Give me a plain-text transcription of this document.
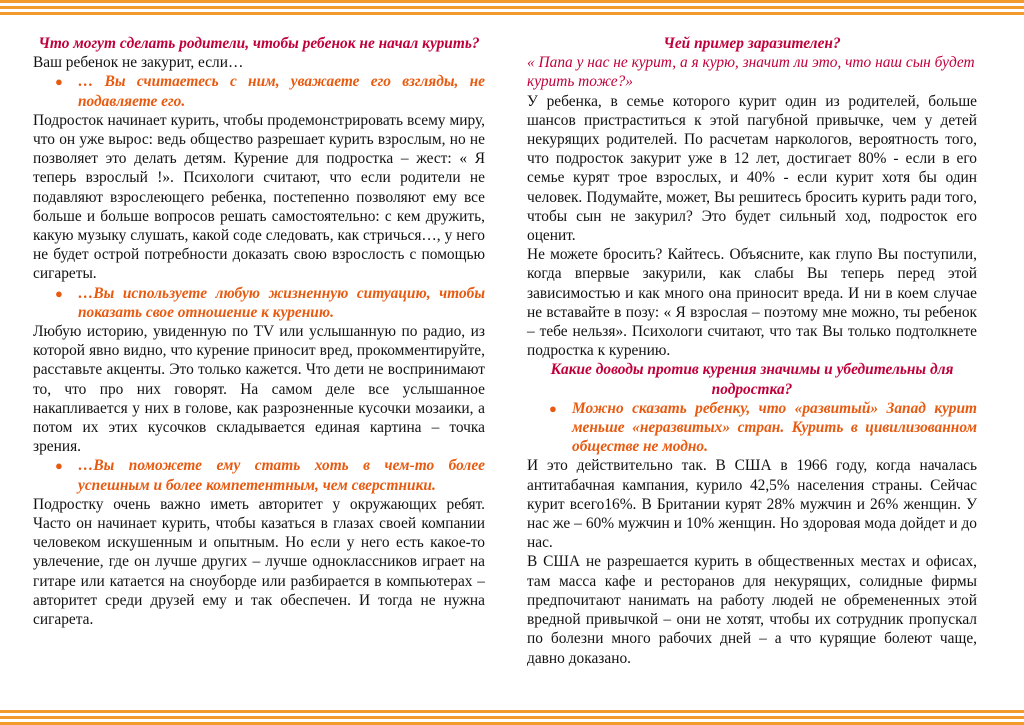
Что могут сделать родители, чтобы ребенок не начал курить?

Ваш ребенок не закурит, если…

● … Вы считаетесь с ним, уважаете его взгляды, не подавляете его.

Подросток начинает курить, чтобы продемонстрировать всему миру, что он уже вырос: ведь общество разрешает курить взрослым, но не позволяет это делать детям. Курение для подростка – жест: « Я теперь взрослый !». Психологи считают, что если родители не подавляют взрослеющего ребенка, постепенно позволяют ему все больше и больше вопросов решать самостоятельно: с кем дружить, какую музыку слушать, какой соде следовать, как стричься…, у него не будет острой потребности доказать свою взрослость с помощью сигареты.

● …Вы используете любую жизненную ситуацию, чтобы показать свое отношение к курению.

Любую историю, увиденную по TV или услышанную по радио, из которой явно видно, что курение приносит вред, прокомментируйте, расставьте акценты. Это только кажется. Что дети не воспринимают то, что про них говорят. На самом деле все услышанное накапливается у них в голове, как разрозненные кусочки мозаики, а потом их этих кусочков складывается единая картина – точка зрения.

● …Вы поможете ему стать хоть в чем-то более успешным и более компетентным, чем сверстники.

Подростку очень важно иметь авторитет у окружающих ребят. Часто он начинает курить, чтобы казаться в глазах своей компании человеком искушенным и опытным. Но если у него есть какое-то увлечение, где он лучше других – лучше одноклассников играет на гитаре или катается на сноуборде или разбирается в компьютерах – авторитет среди друзей ему и так обеспечен. И тогда не нужна сигарета.

Чей пример заразителен?

« Папа у нас не курит, а я курю, значит ли это, что наш сын будет курить тоже?»

У ребенка, в семье которого курит один из родителей, больше шансов пристраститься к этой пагубной привычке, чем у детей некурящих родителей. По расчетам наркологов, вероятность того, что подросток закурит уже в 12 лет, достигает 80% - если в его семье курят трое взрослых, и 40% - если курит хотя бы один человек. Подумайте, может, Вы решитесь бросить курить ради того, чтобы сын не закурил? Это будет сильный ход, подросток его оценит.

Не можете бросить? Кайтесь. Объясните, как глупо Вы поступили, когда впервые закурили, как слабы Вы теперь перед этой зависимостью и как много она приносит вреда. И ни в коем случае не вставайте в позу: « Я взрослая – поэтому мне можно, ты ребенок – тебе нельзя». Психологи считают, что так Вы только подтолкнете подростка к курению.

Какие доводы против курения значимы и убедительны для подростка?

● Можно сказать ребенку, что «развитый» Запад курит меньше «неразвитых» стран. Курить в цивилизованном обществе не модно.

И это действительно так. В США в 1966 году, когда началась антитабачная кампания, курило 42,5% населения страны. Сейчас курит всего16%. В Британии курят 28% мужчин и 26% женщин. У нас же – 60% мужчин и 10% женщин. Но здоровая мода дойдет и до нас.

В США не разрешается курить в общественных местах и офисах, там масса кафе и ресторанов для некурящих, солидные фирмы предпочитают нанимать на работу людей не обремененных этой вредной привычкой – они не хотят, чтобы их сотрудник пропускал по болезни много рабочих дней – а что курящие болеют чаще, давно доказано.
